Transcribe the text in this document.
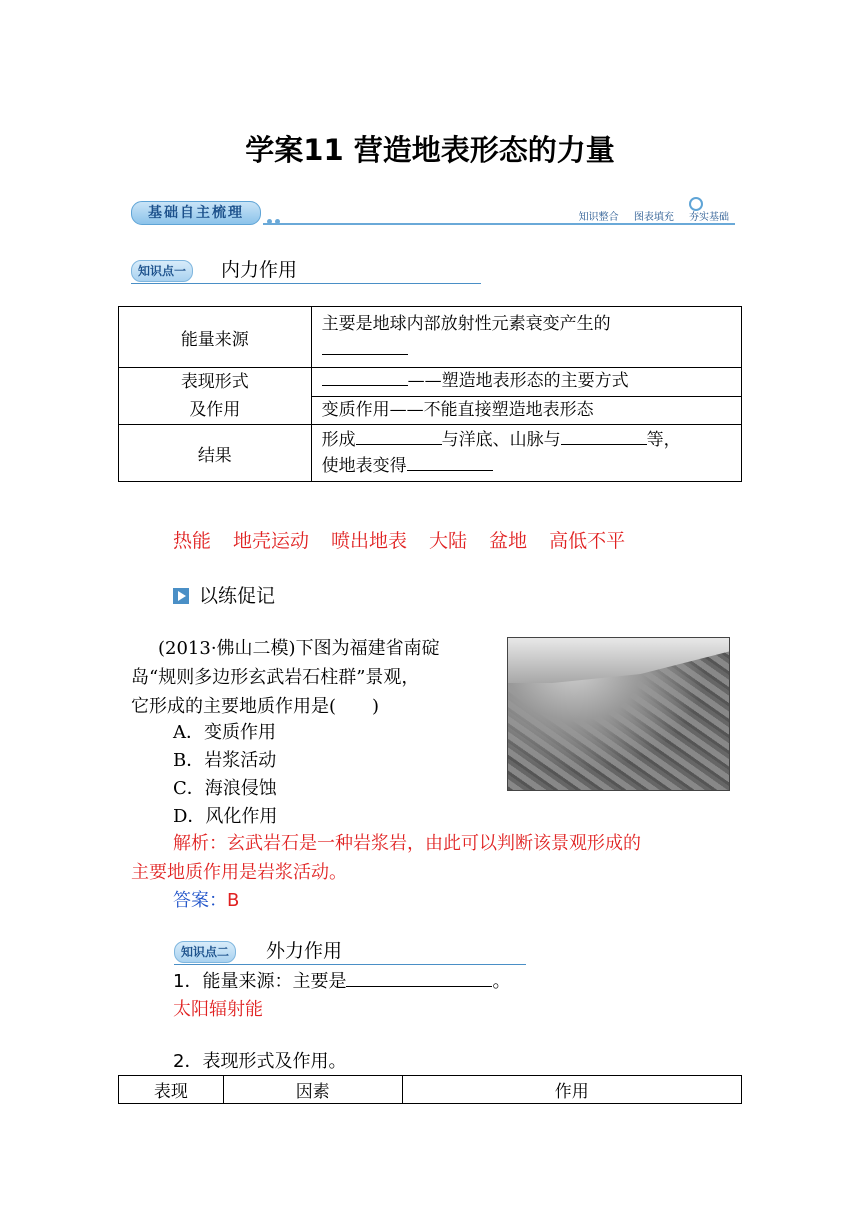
学案11 营造地表形态的力量
基础自主梳理	知识整合 图表填充 夯实基础
知识点一	内力作用
能量来源	主要是地球内部放射性元素衰变产生的

表现形式
及作用	——塑造地表形态的主要方式
	变质作用——不能直接塑造地表形态
结果	形成 与洋底、山脉与 等，
使地表变得
热能 地壳运动 喷出地表 大陆 盆地 高低不平
以练促记
(2013·佛山二模)下图为福建省南碇
岛“规则多边形玄武岩石柱群”景观，
它形成的主要地质作用是(　　)
A．变质作用
B．岩浆活动
C．海浪侵蚀
D．风化作用
解析：玄武岩石是一种岩浆岩，由此可以判断该景观形成的
主要地质作用是岩浆活动。
答案：B
知识点二	外力作用
1．能量来源：主要是	。
太阳辐射能
2．表现形式及作用。
表现	因素	作用
